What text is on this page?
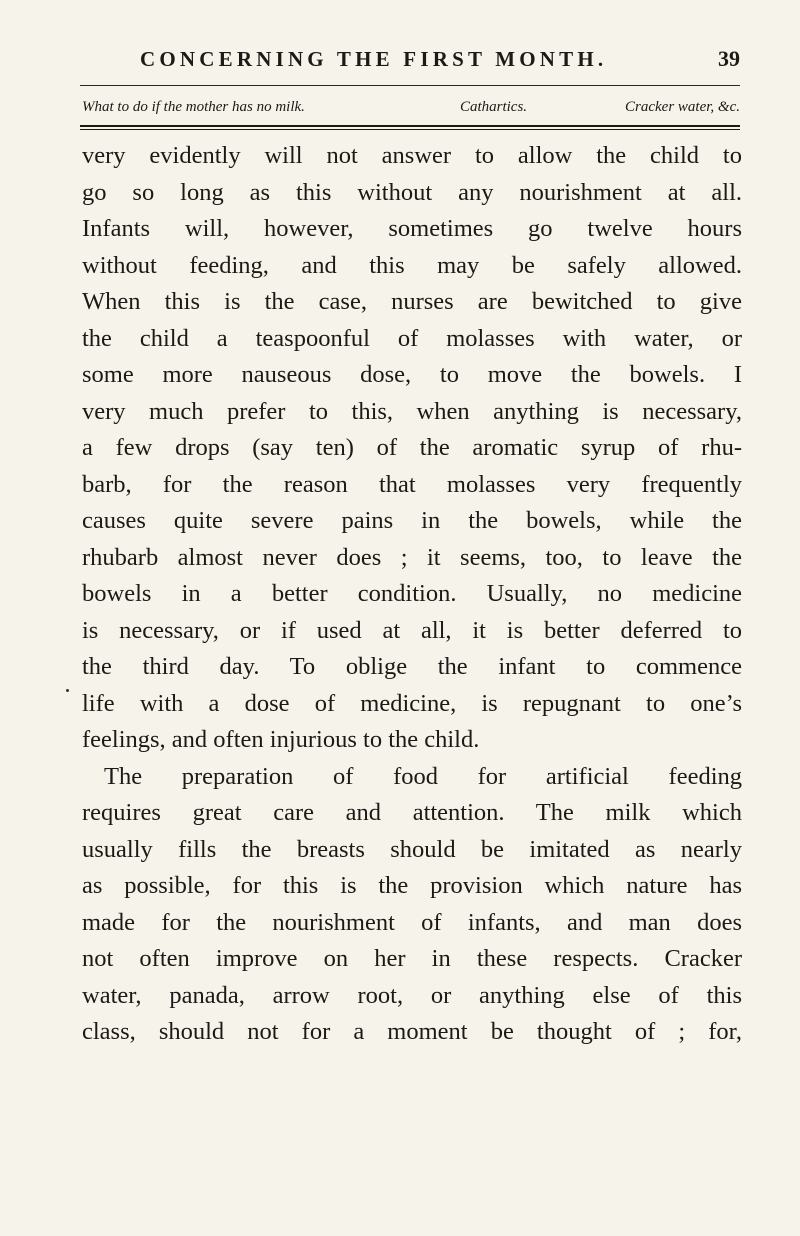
CONCERNING THE FIRST MONTH.	39
What to do if the mother has no milk.	Cathartics.	Cracker water, &c.
very evidently will not answer to allow the child to
go so long as this without any nourishment at all.
Infants will, however, sometimes go twelve hours
without feeding, and this may be safely allowed.
When this is the case, nurses are bewitched to give
the child a teaspoonful of molasses with water, or
some more nauseous dose, to move the bowels. I
very much prefer to this, when anything is necessary,
a few drops (say ten) of the aromatic syrup of rhu-
barb, for the reason that molasses very frequently
causes quite severe pains in the bowels, while the
rhubarb almost never does ; it seems, too, to leave the
bowels in a better condition. Usually, no medicine
is necessary, or if used at all, it is better deferred to
the third day. To oblige the infant to commence
life with a dose of medicine, is repugnant to one’s
feelings, and often injurious to the child.
The preparation of food for artificial feeding
requires great care and attention. The milk which
usually fills the breasts should be imitated as nearly
as possible, for this is the provision which nature has
made for the nourishment of infants, and man does
not often improve on her in these respects. Cracker
water, panada, arrow root, or anything else of this
class, should not for a moment be thought of ; for,
